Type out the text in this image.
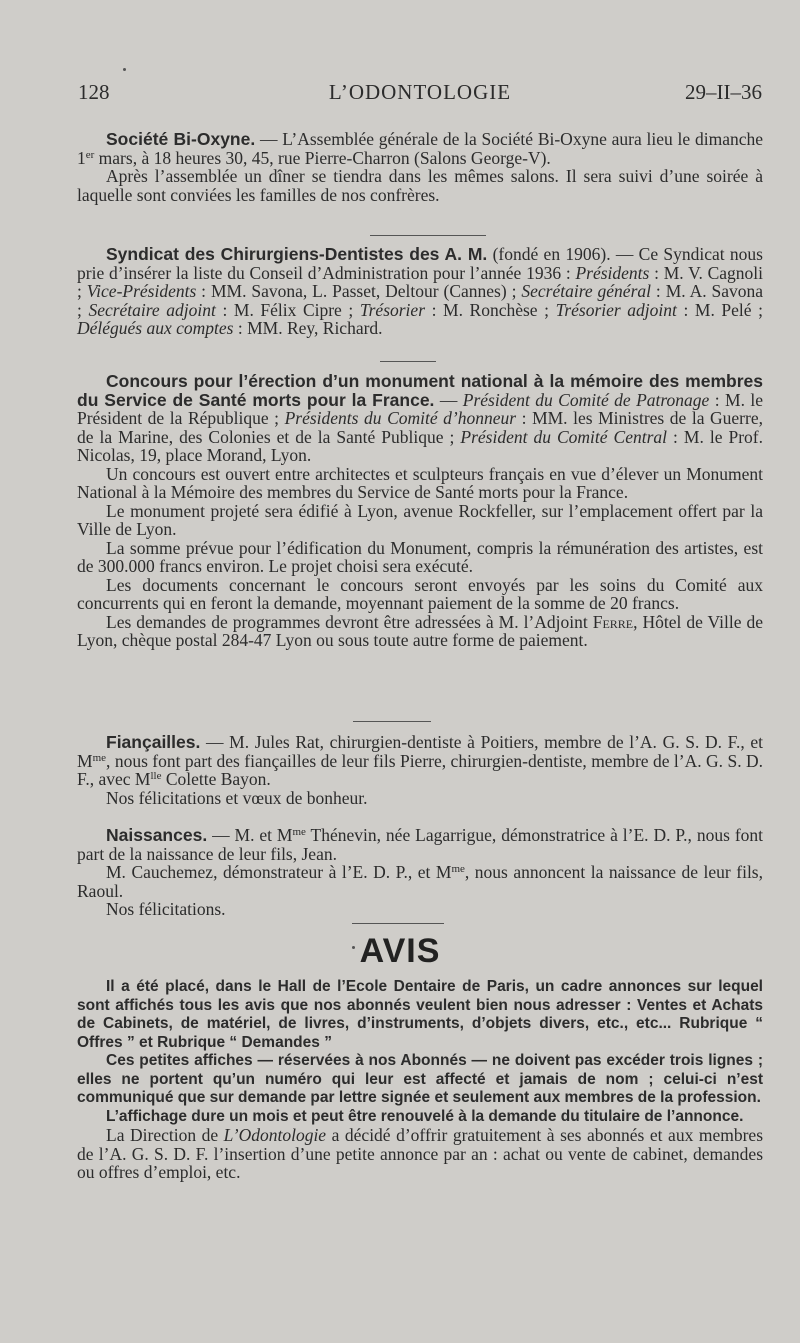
128	L’ODONTOLOGIE	29–II–36

Société Bi-Oxyne. — L’Assemblée générale de la Société Bi-Oxyne aura lieu le dimanche 1er mars, à 18 heures 30, 45, rue Pierre-Charron (Salons George-V).

Après l’assemblée un dîner se tiendra dans les mêmes salons. Il sera suivi d’une soirée à laquelle sont conviées les familles de nos confrères.

Syndicat des Chirurgiens-Dentistes des A. M. (fondé en 1906). — Ce Syndicat nous prie d’insérer la liste du Conseil d’Administration pour l’année 1936 : Présidents : M. V. Cagnoli ; Vice-Présidents : MM. Savona, L. Passet, Deltour (Cannes) ; Secrétaire général : M. A. Savona ; Secrétaire adjoint : M. Félix Cipre ; Trésorier : M. Ronchèse ; Trésorier adjoint : M. Pelé ; Délégués aux comptes : MM. Rey, Richard.

Concours pour l’érection d’un monument national à la mémoire des membres du Service de Santé morts pour la France. — Président du Comité de Patronage : M. le Président de la République ; Présidents du Comité d’honneur : MM. les Ministres de la Guerre, de la Marine, des Colonies et de la Santé Publique ; Président du Comité Central : M. le Prof. Nicolas, 19, place Morand, Lyon.

Un concours est ouvert entre architectes et sculpteurs français en vue d’élever un Monument National à la Mémoire des membres du Service de Santé morts pour la France.

Le monument projeté sera édifié à Lyon, avenue Rockfeller, sur l’emplacement offert par la Ville de Lyon.

La somme prévue pour l’édification du Monument, compris la rémunération des artistes, est de 300.000 francs environ. Le projet choisi sera exécuté.

Les documents concernant le concours seront envoyés par les soins du Comité aux concurrents qui en feront la demande, moyennant paiement de la somme de 20 francs.

Les demandes de programmes devront être adressées à M. l’Adjoint Ferre, Hôtel de Ville de Lyon, chèque postal 284-47 Lyon ou sous toute autre forme de paiement.

Fiançailles. — M. Jules Rat, chirurgien-dentiste à Poitiers, membre de l’A. G. S. D. F., et $M^{me}$, nous font part des fiançailles de leur fils Pierre, chirurgien-dentiste, membre de l’A. G. S. D. F., avec $M^{lle}$ Colette Bayon.

Nos félicitations et vœux de bonheur.

Naissances. — M. et $M^{me}$ Thénevin, née Lagarrigue, démonstratrice à l’E. D. P., nous font part de la naissance de leur fils, Jean.

M. Cauchemez, démonstrateur à l’E. D. P., et $M^{me}$, nous annoncent la naissance de leur fils, Raoul.

Nos félicitations.

AVIS

Il a été placé, dans le Hall de l’Ecole Dentaire de Paris, un cadre annonces sur lequel sont affichés tous les avis que nos abonnés veulent bien nous adresser : Ventes et Achats de Cabinets, de matériel, de livres, d’instruments, d’objets divers, etc., etc... Rubrique “ Offres ” et Rubrique “ Demandes ”

Ces petites affiches — réservées à nos Abonnés — ne doivent pas excéder trois lignes ; elles ne portent qu’un numéro qui leur est affecté et jamais de nom ; celui-ci n’est communiqué que sur demande par lettre signée et seulement aux membres de la profession.

L’affichage dure un mois et peut être renouvelé à la demande du titulaire de l’annonce.

La Direction de L’Odontologie a décidé d’offrir gratuitement à ses abonnés et aux membres de l’A. G. S. D. F. l’insertion d’une petite annonce par an : achat ou vente de cabinet, demandes ou offres d’emploi, etc.
